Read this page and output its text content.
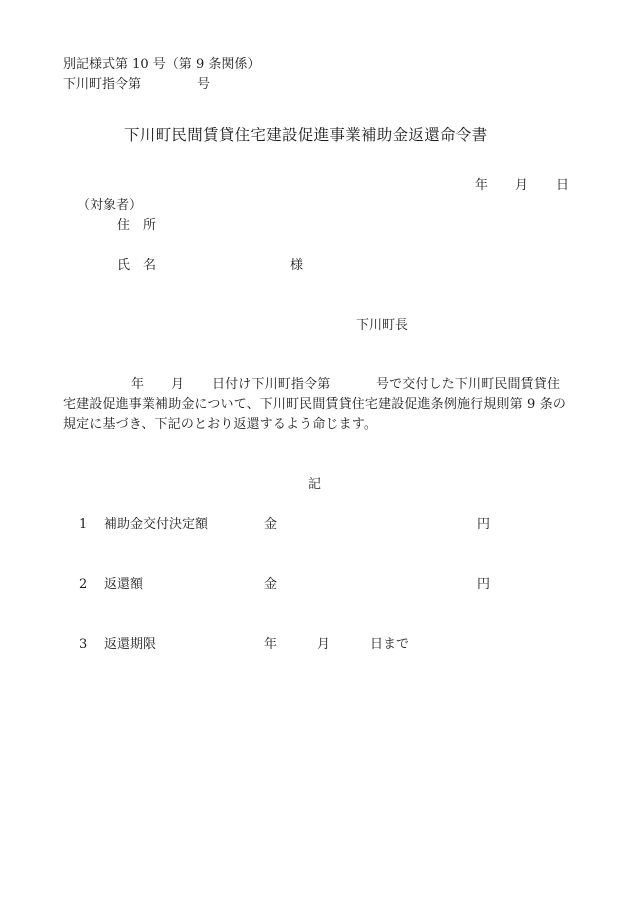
別記様式第 10 号（第 9 条関係）
下川町指令第	号
下川町民間賃貸住宅建設促進事業補助金返還命令書
年 月 日
（対象者）
住　所
氏　名	様
下川町長
年 月 日付け下川町指令第	号で交付した下川町民間賃貸住
宅建設促進事業補助金について、下川町民間賃貸住宅建設促進条例施行規則第 9 条の
規定に基づき、下記のとおり返還するよう命じます。
記
1 補助金交付決定額	金	円
2 返還額	金	円
3 返還期限	年	月	日まで
